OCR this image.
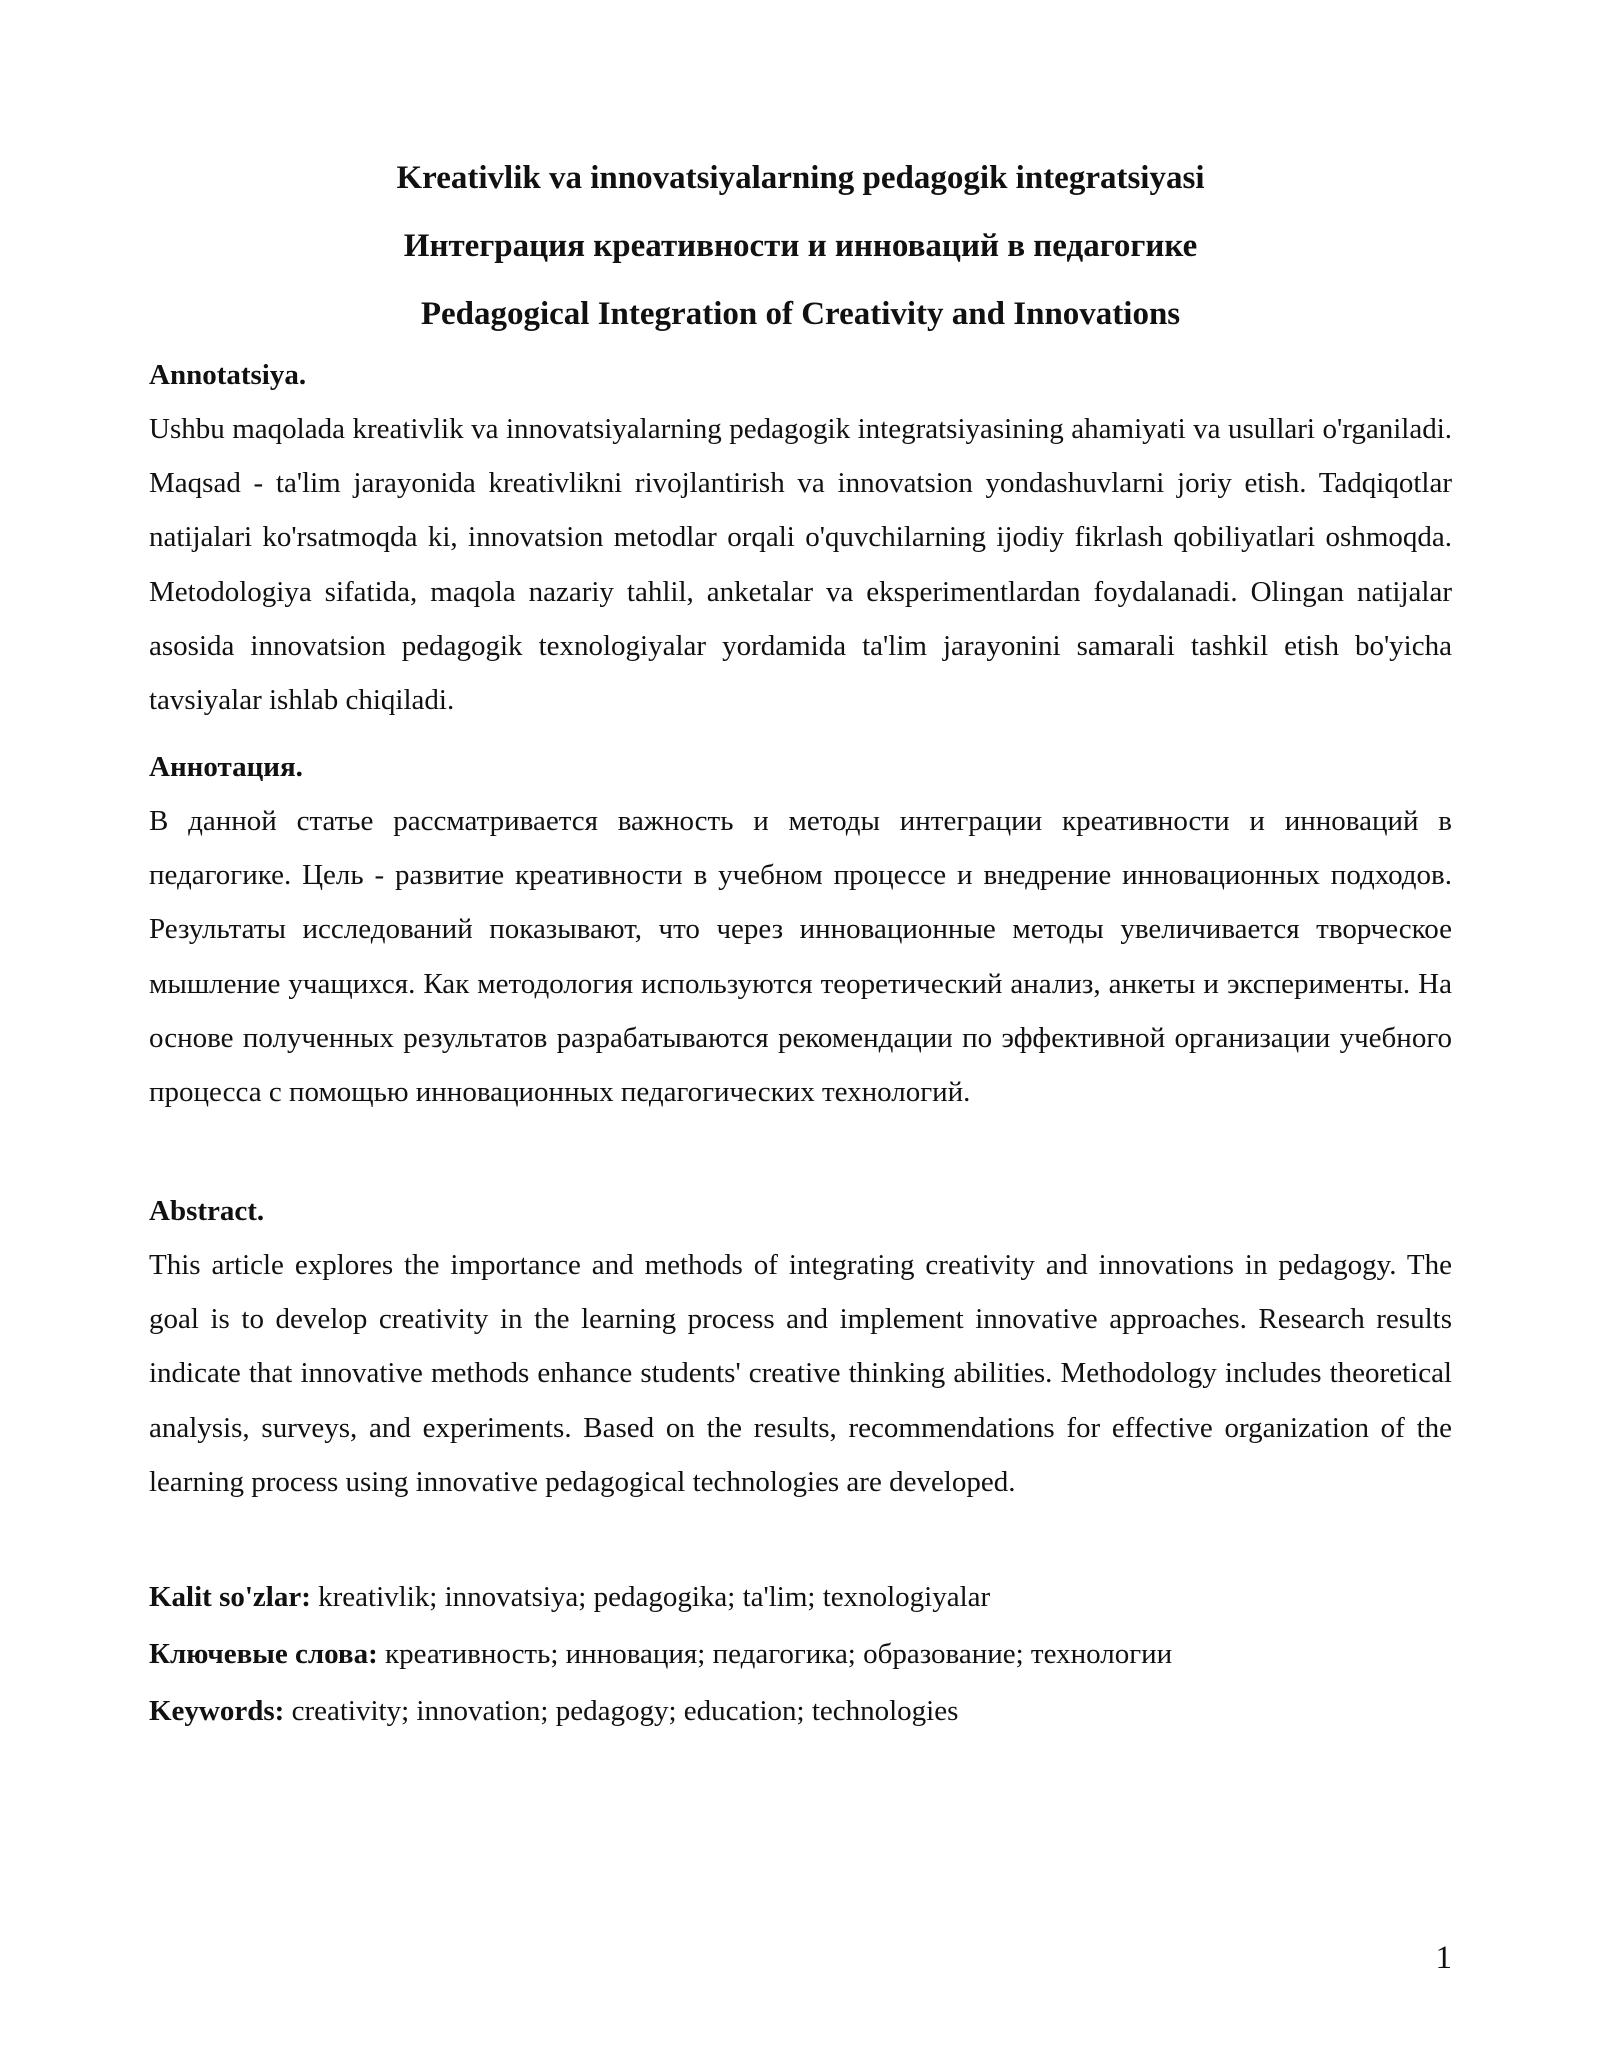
Kreativlik va innovatsiyalarning pedagogik integratsiyasi

Интеграция креативности и инноваций в педагогике

Pedagogical Integration of Creativity and Innovations

Annotatsiya.

Ushbu maqolada kreativlik va innovatsiyalarning pedagogik integratsiyasining ahamiyati va usullari o'rganiladi. Maqsad - ta'lim jarayonida kreativlikni rivojlantirish va innovatsion yondashuvlarni joriy etish. Tadqiqotlar natijalari ko'rsatmoqda ki, innovatsion metodlar orqali o'quvchilarning ijodiy fikrlash qobiliyatlari oshmoqda. Metodologiya sifatida, maqola nazariy tahlil, anketalar va eksperimentlardan foydalanadi. Olingan natijalar asosida innovatsion pedagogik texnologiyalar yordamida ta'lim jarayonini samarali tashkil etish bo'yicha tavsiyalar ishlab chiqiladi.

Аннотация.

В данной статье рассматривается важность и методы интеграции креативности и инноваций в педагогике. Цель - развитие креативности в учебном процессе и внедрение инновационных подходов. Результаты исследований показывают, что через инновационные методы увеличивается творческое мышление учащихся. Как методология используются теоретический анализ, анкеты и эксперименты. На основе полученных результатов разрабатываются рекомендации по эффективной организации учебного процесса с помощью инновационных педагогических технологий.

Abstract.

This article explores the importance and methods of integrating creativity and innovations in pedagogy. The goal is to develop creativity in the learning process and implement innovative approaches. Research results indicate that innovative methods enhance students' creative thinking abilities. Methodology includes theoretical analysis, surveys, and experiments. Based on the results, recommendations for effective organization of the learning process using innovative pedagogical technologies are developed.

Kalit so'zlar: kreativlik; innovatsiya; pedagogika; ta'lim; texnologiyalar
Ключевые слова: креативность; инновация; педагогика; образование; технологии
Keywords: creativity; innovation; pedagogy; education; technologies
1
